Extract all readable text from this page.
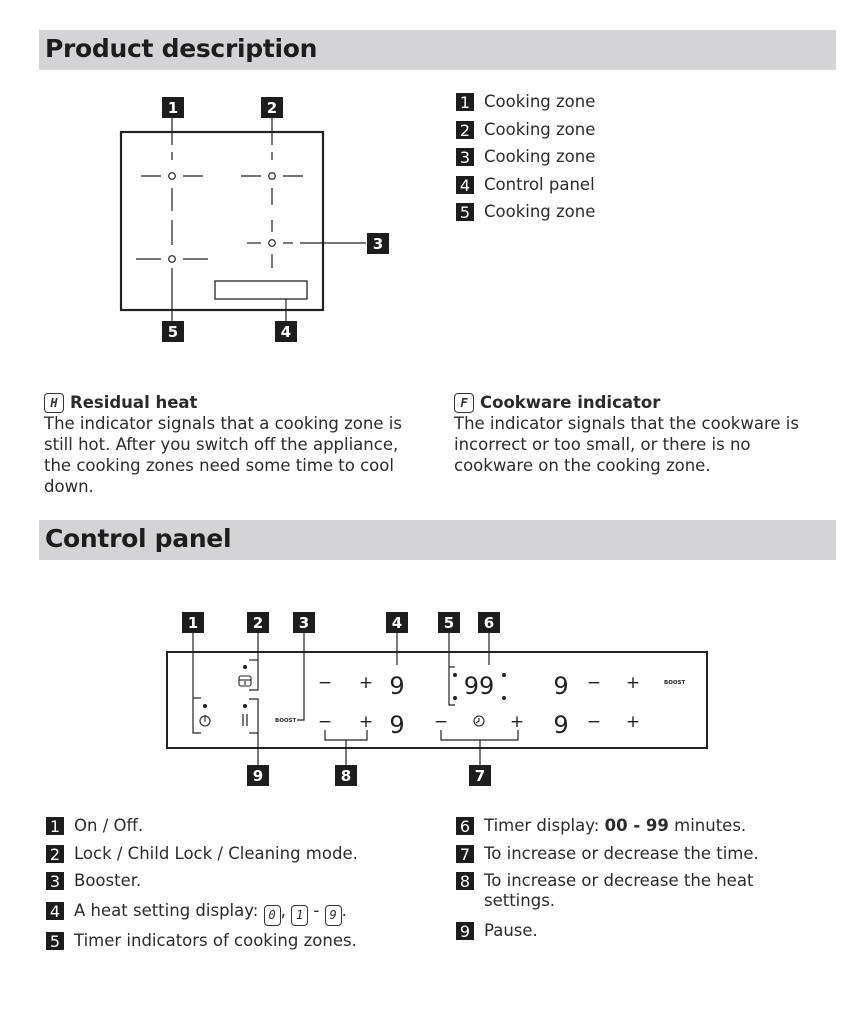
Product description
1	2
3
4
5
1 Cooking zone
2 Cooking zone
3 Cooking zone
4 Control panel
5 Cooking zone
H Residual heat
The indicator signals that a cooking zone is still hot. After you switch off the appliance, the cooking zones need some time to cool down.
F Cookware indicator
The indicator signals that the cookware is incorrect or too small, or there is no cookware on the cooking zone.
Control panel
BOOST
BOOST
− +
− +	−	+
− +
− +
9
9
99 9
9
1	2 3	4	5 6
7
8
9
1 On / Off.
2 Lock / Child Lock / Cleaning mode.
3 Booster.
4 A heat setting display: 0 , 1 - 9 .
5 Timer indicators of cooking zones.
6 Timer display: 00 - 99 minutes.
7 To increase or decrease the time.
8 To increase or decrease the heat settings.
9 Pause.
